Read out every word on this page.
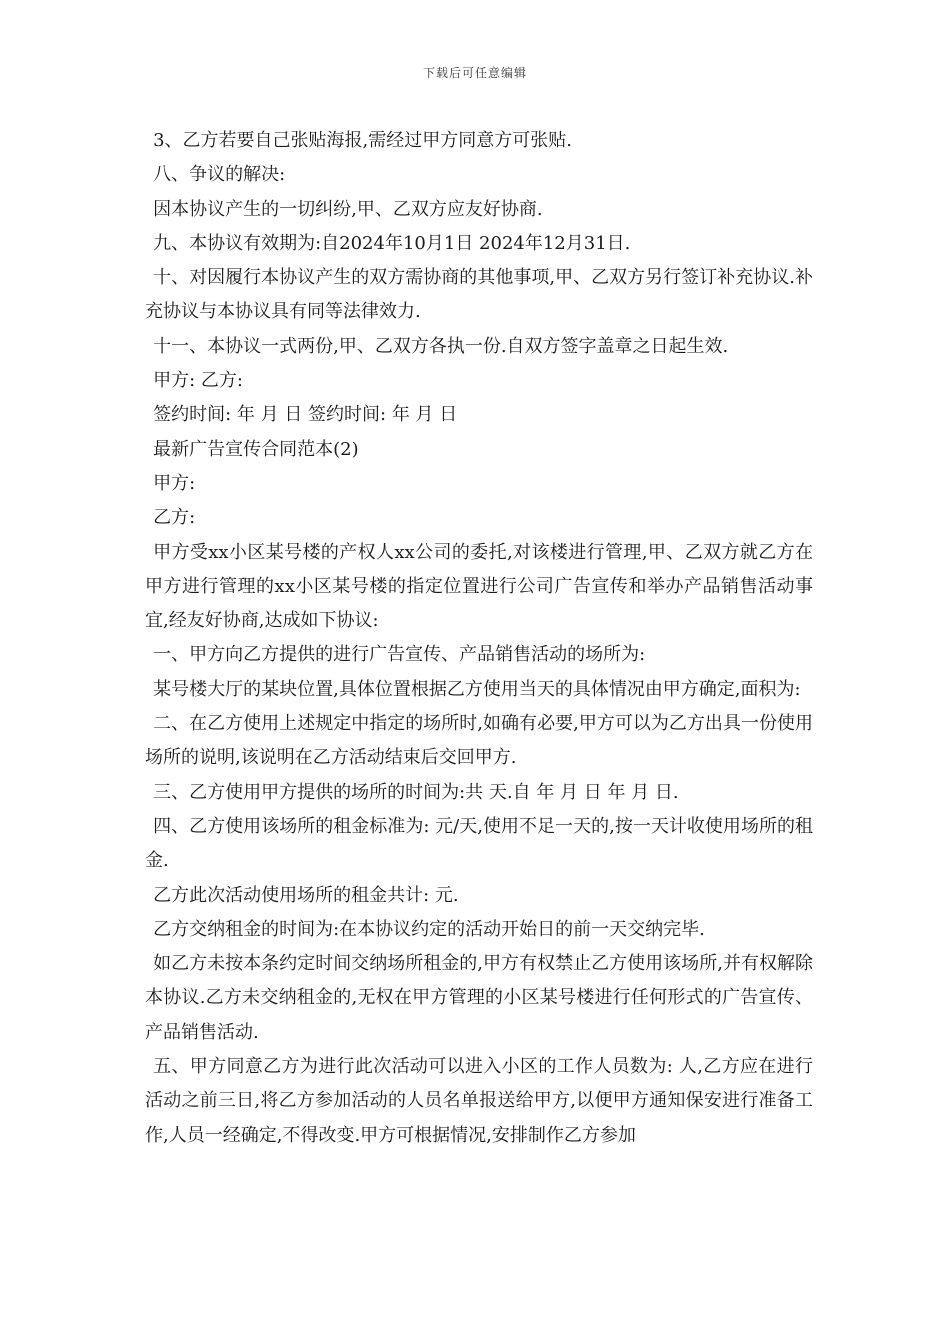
下载后可任意编辑

3、乙方若要自己张贴海报,需经过甲方同意方可张贴.

八、争议的解决:

因本协议产生的一切纠纷,甲、乙双方应友好协商.

九、本协议有效期为:自2024年10月1日 2024年12月31日.

十、对因履行本协议产生的双方需协商的其他事项,甲、乙双方另行签订补充协议.补充协议与本协议具有同等法律效力.

十一、本协议一式两份,甲、乙双方各执一份.自双方签字盖章之日起生效.

甲方: 乙方:

签约时间: 年 月 日 签约时间: 年 月 日

最新广告宣传合同范本(2)

甲方:

乙方:

甲方受xx小区某号楼的产权人xx公司的委托,对该楼进行管理,甲、乙双方就乙方在甲方进行管理的xx小区某号楼的指定位置进行公司广告宣传和举办产品销售活动事宜,经友好协商,达成如下协议:

一、甲方向乙方提供的进行广告宣传、产品销售活动的场所为:

某号楼大厅的某块位置,具体位置根据乙方使用当天的具体情况由甲方确定,面积为:

二、在乙方使用上述规定中指定的场所时,如确有必要,甲方可以为乙方出具一份使用场所的说明,该说明在乙方活动结束后交回甲方.

三、乙方使用甲方提供的场所的时间为:共 天.自 年 月 日 年 月 日.

四、乙方使用该场所的租金标准为: 元/天,使用不足一天的,按一天计收使用场所的租金.

乙方此次活动使用场所的租金共计: 元.

乙方交纳租金的时间为:在本协议约定的活动开始日的前一天交纳完毕.

如乙方未按本条约定时间交纳场所租金的,甲方有权禁止乙方使用该场所,并有权解除本协议.乙方未交纳租金的,无权在甲方管理的小区某号楼进行任何形式的广告宣传、产品销售活动.

五、甲方同意乙方为进行此次活动可以进入小区的工作人员数为: 人,乙方应在进行活动之前三日,将乙方参加活动的人员名单报送给甲方,以便甲方通知保安进行准备工作,人员一经确定,不得改变.甲方可根据情况,安排制作乙方参加
